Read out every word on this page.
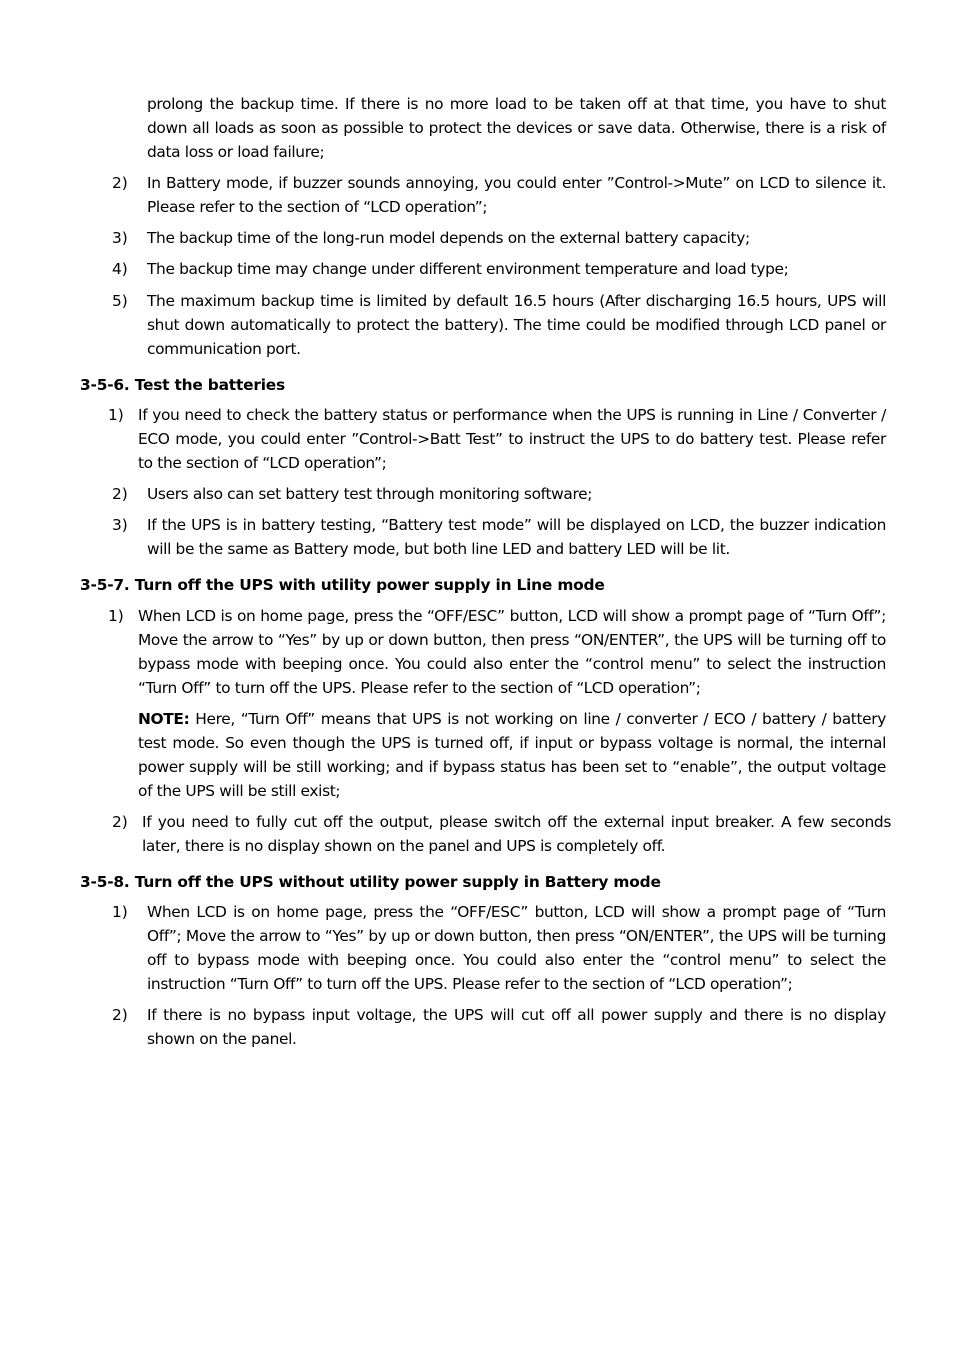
prolong the backup time. If there is no more load to be taken off at that time, you have to shut down all loads as soon as possible to protect the devices or save data. Otherwise, there is a risk of data loss or load failure;

2) In Battery mode, if buzzer sounds annoying, you could enter ”Control->Mute” on LCD to silence it. Please refer to the section of “LCD operation”;

3) The backup time of the long-run model depends on the external battery capacity;

4) The backup time may change under different environment temperature and load type;

5) The maximum backup time is limited by default 16.5 hours (After discharging 16.5 hours, UPS will shut down automatically to protect the battery). The time could be modified through LCD panel or communication port.

3-5-6. Test the batteries
1) If you need to check the battery status or performance when the UPS is running in Line / Converter / ECO mode, you could enter ”Control->Batt Test” to instruct the UPS to do battery test. Please refer to the section of “LCD operation”;

2) Users also can set battery test through monitoring software;

3) If the UPS is in battery testing, “Battery test mode” will be displayed on LCD, the buzzer indication will be the same as Battery mode, but both line LED and battery LED will be lit.

3-5-7. Turn off the UPS with utility power supply in Line mode
1) When LCD is on home page, press the “OFF/ESC” button, LCD will show a prompt page of “Turn Off”; Move the arrow to “Yes” by up or down button, then press “ON/ENTER”, the UPS will be turning off to bypass mode with beeping once. You could also enter the “control menu” to select the instruction “Turn Off” to turn off the UPS. Please refer to the section of “LCD operation”;

NOTE: Here, “Turn Off” means that UPS is not working on line / converter / ECO / battery / battery test mode. So even though the UPS is turned off, if input or bypass voltage is normal, the internal power supply will be still working; and if bypass status has been set to “enable”, the output voltage of the UPS will be still exist;

2) If you need to fully cut off the output, please switch off the external input breaker. A few seconds later, there is no display shown on the panel and UPS is completely off.

3-5-8. Turn off the UPS without utility power supply in Battery mode
1) When LCD is on home page, press the “OFF/ESC” button, LCD will show a prompt page of “Turn Off”; Move the arrow to “Yes” by up or down button, then press “ON/ENTER”, the UPS will be turning off to bypass mode with beeping once. You could also enter the “control menu” to select the instruction “Turn Off” to turn off the UPS. Please refer to the section of “LCD operation”;

2) If there is no bypass input voltage, the UPS will cut off all power supply and there is no display shown on the panel.
